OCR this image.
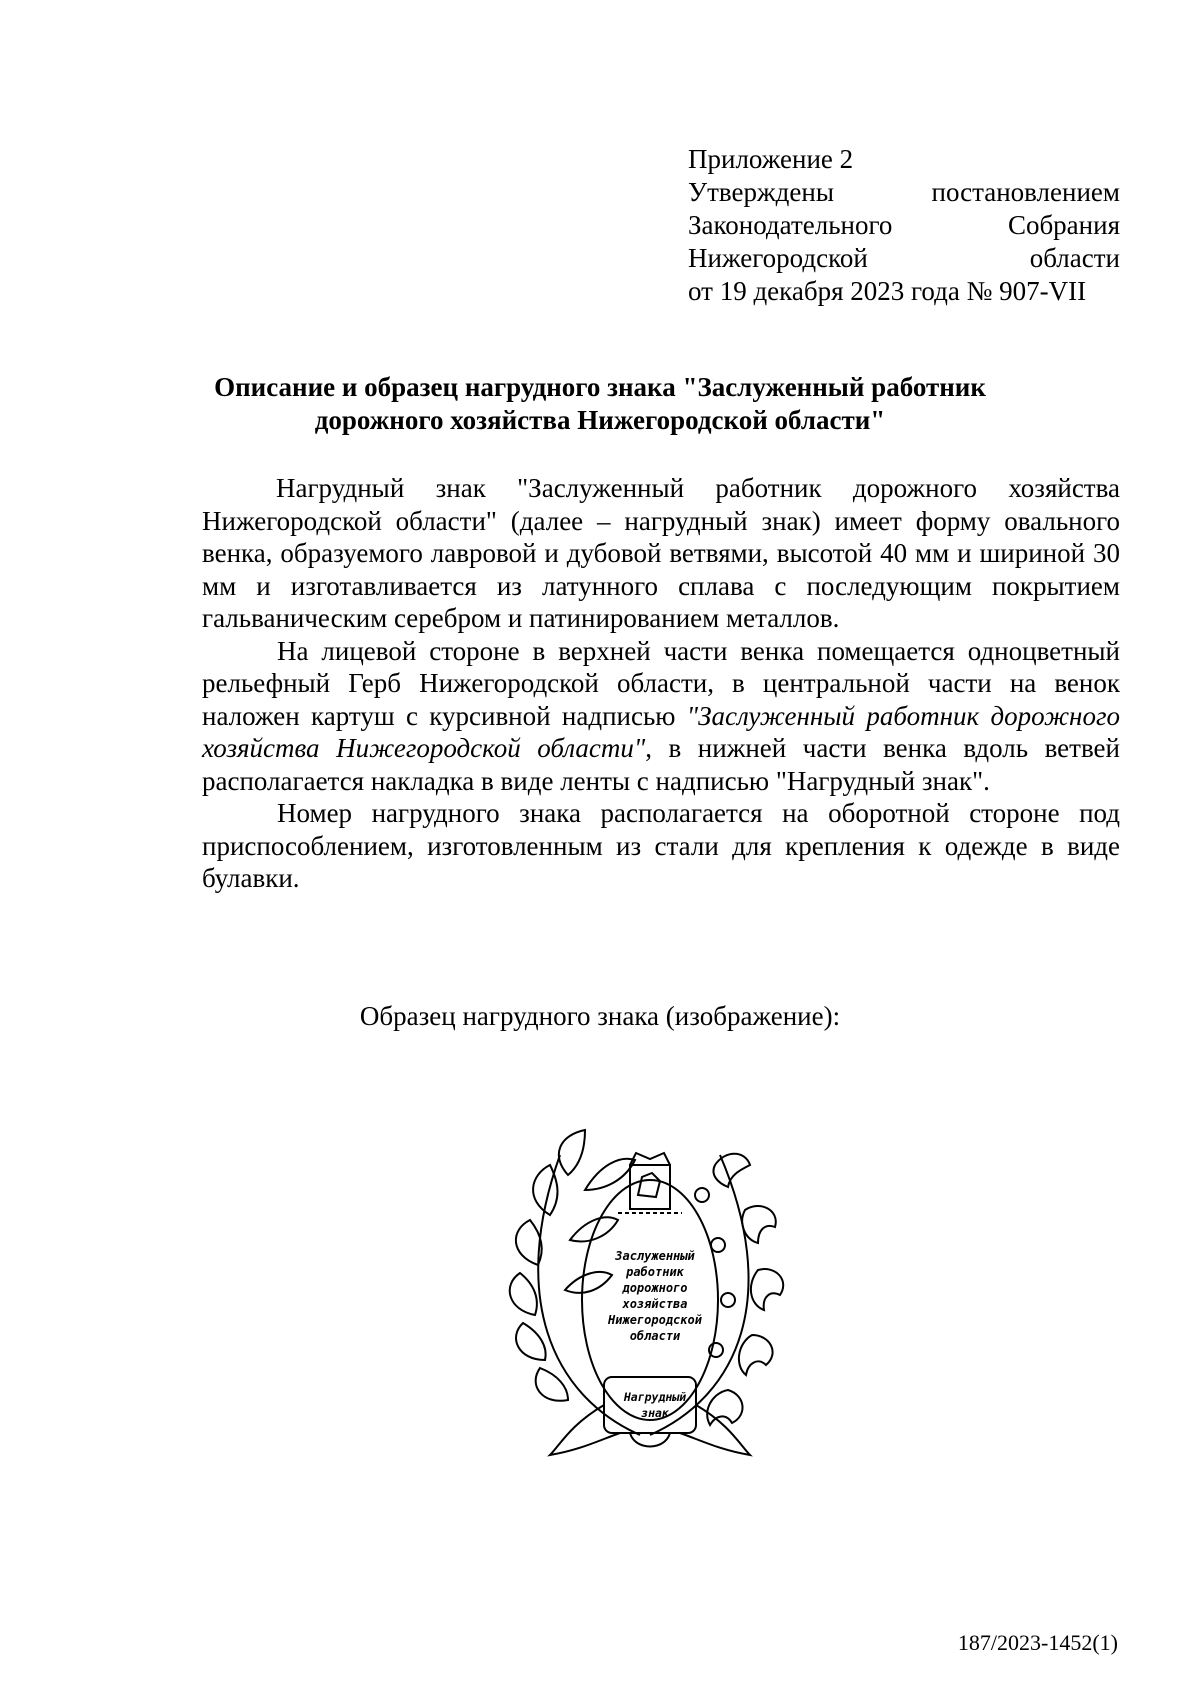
Приложение 2
Утверждены	постановлением
Законодательного	Собрания
Нижегородской	области
от 19 декабря 2023 года № 907-VII
Описание и образец нагрудного знака "Заслуженный работник
дорожного хозяйства Нижегородской области"

Нагрудный знак "Заслуженный работник дорожного хозяйства Нижегородской области" (далее – нагрудный знак) имеет форму овального венка, образуемого лавровой и дубовой ветвями, высотой 40 мм и шириной 30 мм и изготавливается из латунного сплава с последующим покрытием гальваническим серебром и патинированием металлов.

На лицевой стороне в верхней части венка помещается одноцветный рельефный Герб Нижегородской области, в центральной части на венок наложен картуш с курсивной надписью "Заслуженный работник дорожного хозяйства Нижегородской области", в нижней части венка вдоль ветвей располагается накладка в виде ленты с надписью "Нагрудный знак".

Номер нагрудного знака располагается на оборотной стороне под приспособлением, изготовленным из стали для крепления к одежде в виде булавки.

Образец нагрудного знака (изображение):
Заслуженный
работник
дорожного
хозяйства
Нижегородской
области
Нагрудный
знак
187/2023-1452(1)
